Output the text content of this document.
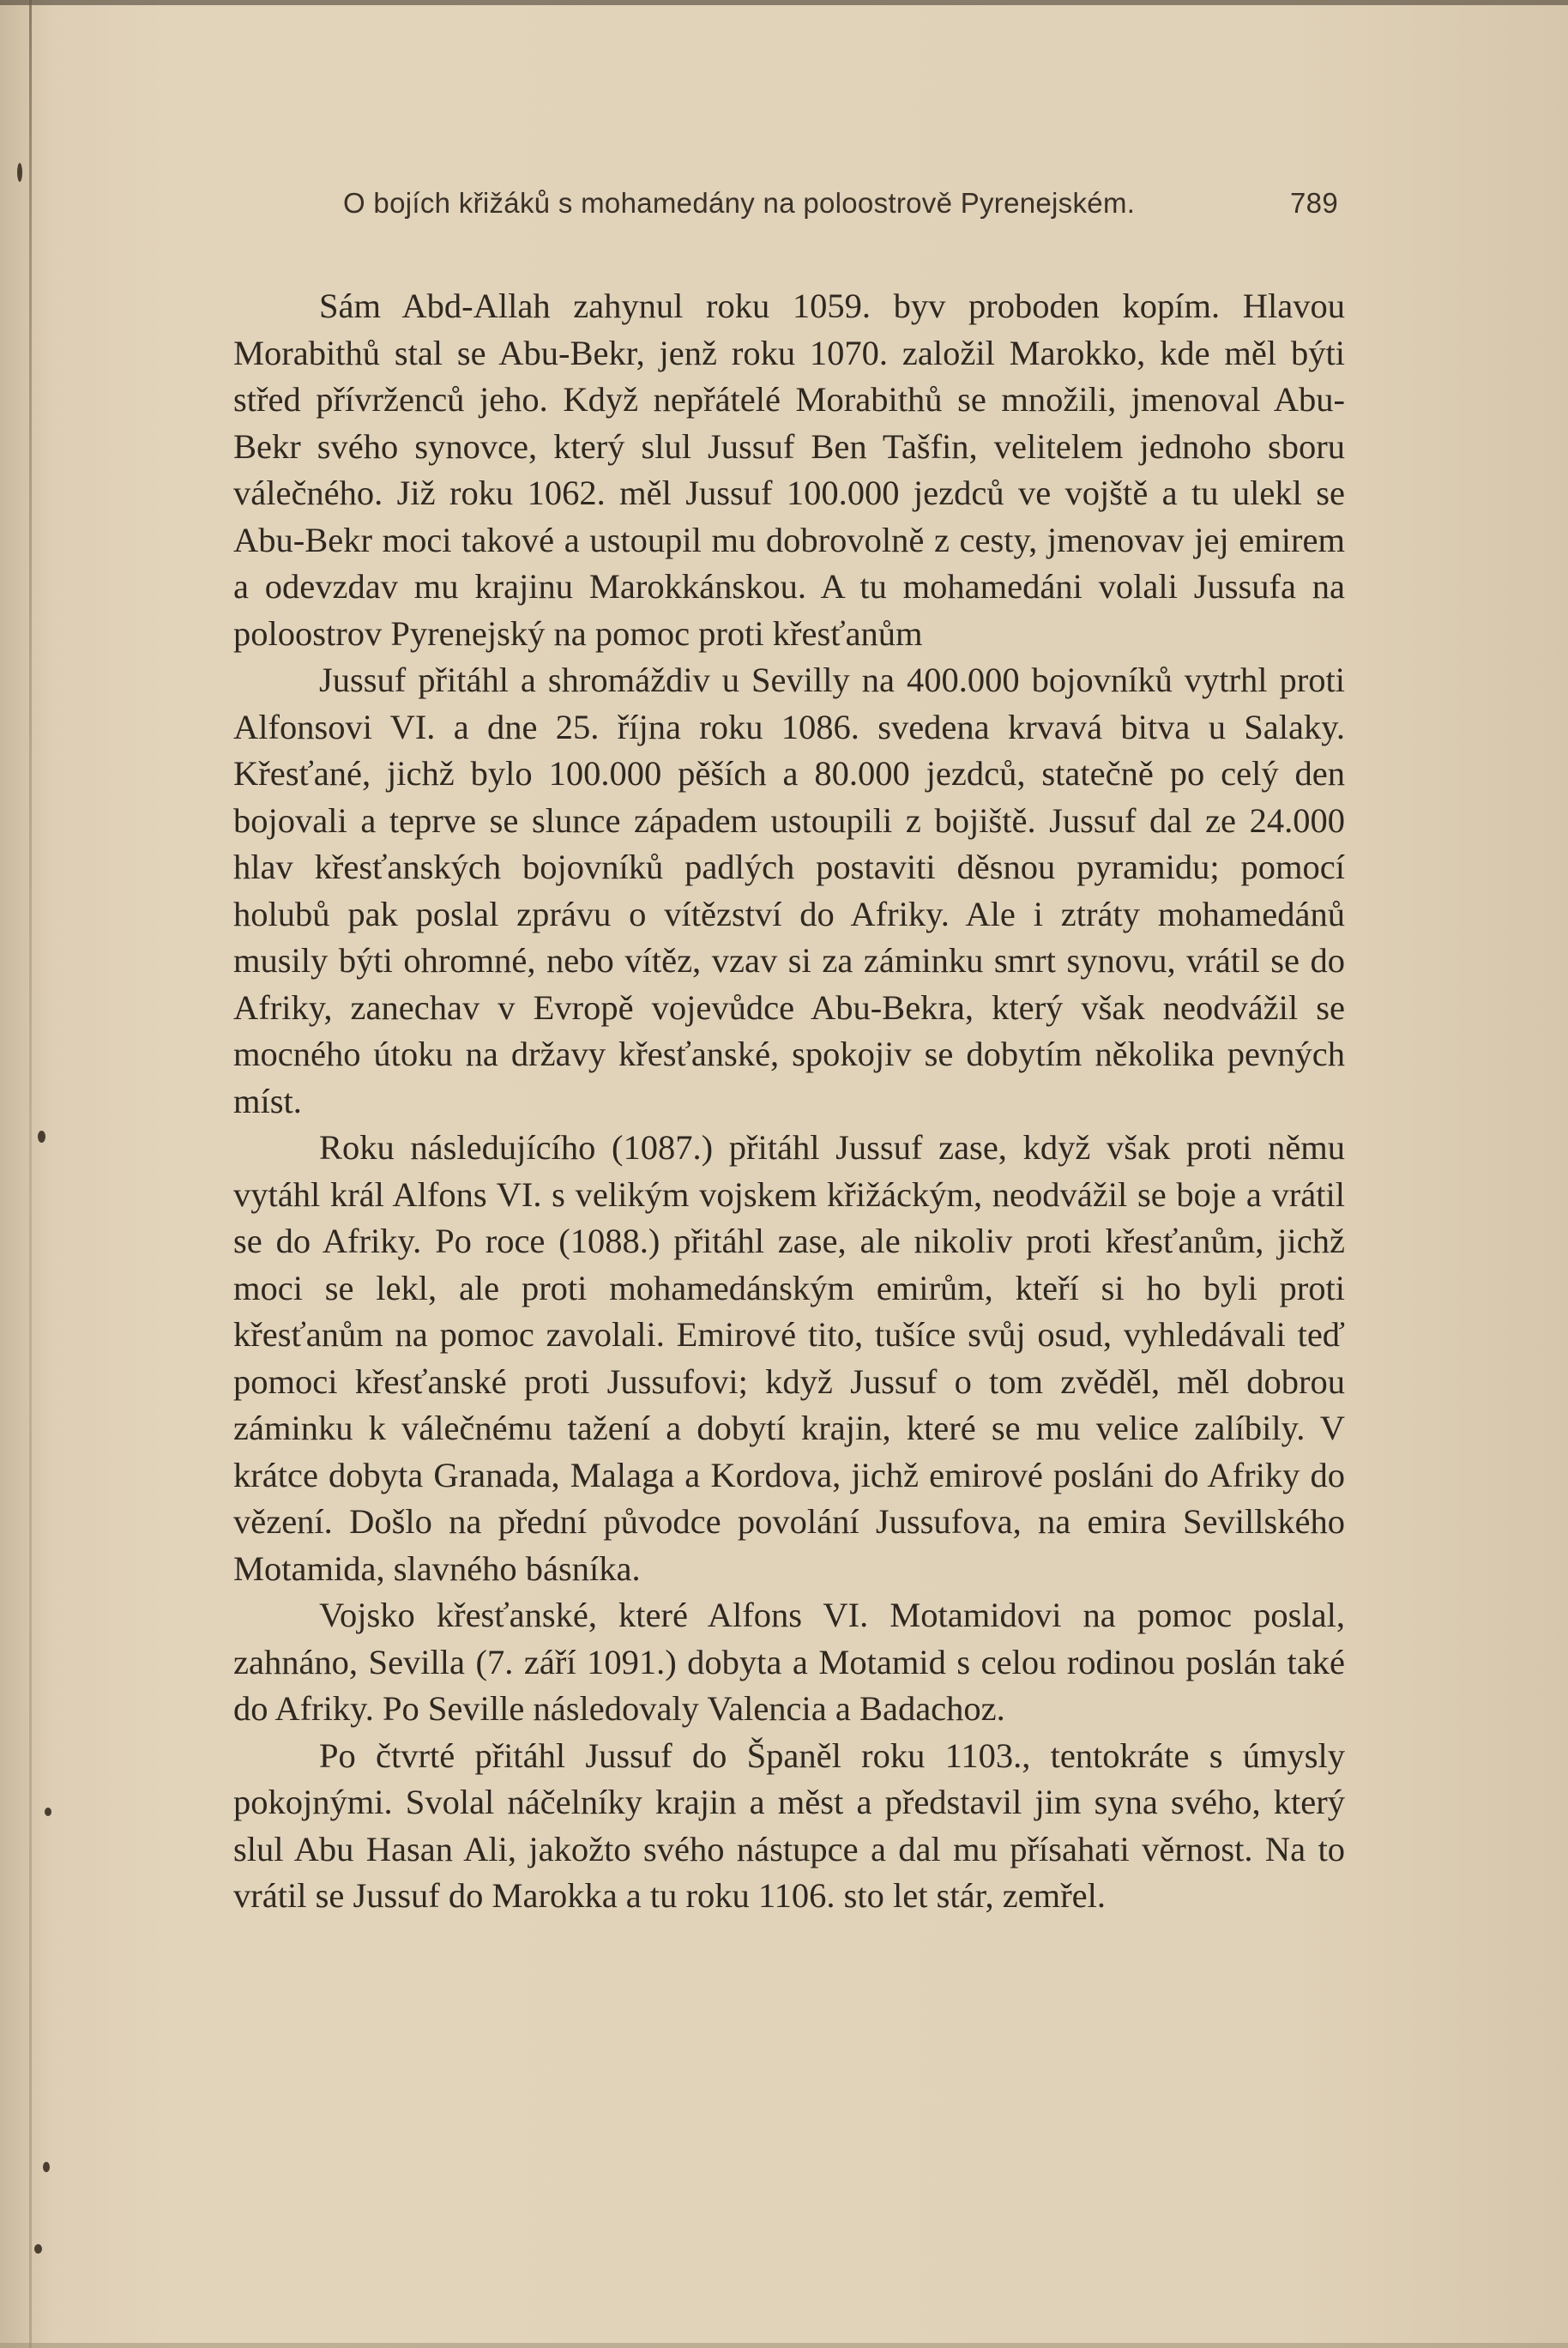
O bojích křižáků s mohamedány na poloostrově Pyrenejském.	789

Sám Abd-Allah zahynul roku 1059. byv proboden kopím. Hlavou Morabithů stal se Abu-Bekr, jenž roku 1070. založil Marokko, kde měl býti střed přívrženců jeho. Když nepřátelé Morabithů se množili, jmenoval Abu-Bekr svého synovce, který slul Jussuf Ben Tašfin, velitelem jednoho sboru válečného. Již roku 1062. měl Jussuf 100.000 jezdců ve vojště a tu ulekl se Abu-Bekr moci takové a ustoupil mu dobrovolně z cesty, jmenovav jej emirem a odevzdav mu krajinu Marokkánskou. A tu mohamedáni volali Jussufa na poloostrov Pyrenejský na pomoc proti křesťanům

Jussuf přitáhl a shromáždiv u Sevilly na 400.000 bojovníků vytrhl proti Alfonsovi VI. a dne 25. října roku 1086. svedena krvavá bitva u Salaky. Křesťané, jichž bylo 100.000 pěších a 80.000 jezdců, statečně po celý den bojovali a teprve se slunce západem ustoupili z bojiště. Jussuf dal ze 24.000 hlav křesťanských bojovníků padlých postaviti děsnou pyramidu; pomocí holubů pak poslal zprávu o vítězství do Afriky. Ale i ztráty mohamedánů musily býti ohromné, nebo vítěz, vzav si za záminku smrt synovu, vrátil se do Afriky, zanechav v Evropě vojevůdce Abu-Bekra, který však neodvážil se mocného útoku na državy křesťanské, spokojiv se dobytím několika pevných míst.

Roku následujícího (1087.) přitáhl Jussuf zase, když však proti němu vytáhl král Alfons VI. s velikým vojskem křižáckým, neodvážil se boje a vrátil se do Afriky. Po roce (1088.) přitáhl zase, ale nikoliv proti křesťanům, jichž moci se lekl, ale proti mohamedánským emirům, kteří si ho byli proti křesťanům na pomoc zavolali. Emirové tito, tušíce svůj osud, vyhledávali teď pomoci křesťanské proti Jussufovi; když Jussuf o tom zvěděl, měl dobrou záminku k válečnému tažení a dobytí krajin, které se mu velice zalíbily. V krátce dobyta Granada, Malaga a Kordova, jichž emirové posláni do Afriky do vězení. Došlo na přední původce povolání Jussufova, na emira Sevillského Motamida, slavného básníka.

Vojsko křesťanské, které Alfons VI. Motamidovi na pomoc poslal, zahnáno, Sevilla (7. září 1091.) dobyta a Motamid s celou rodinou poslán také do Afriky. Po Seville následovaly Valencia a Badachoz.

Po čtvrté přitáhl Jussuf do Španěl roku 1103., tentokráte s úmysly pokojnými. Svolal náčelníky krajin a měst a představil jim syna svého, který slul Abu Hasan Ali, jakožto svého nástupce a dal mu přísahati věrnost. Na to vrátil se Jussuf do Marokka a tu roku 1106. sto let stár, zemřel.
